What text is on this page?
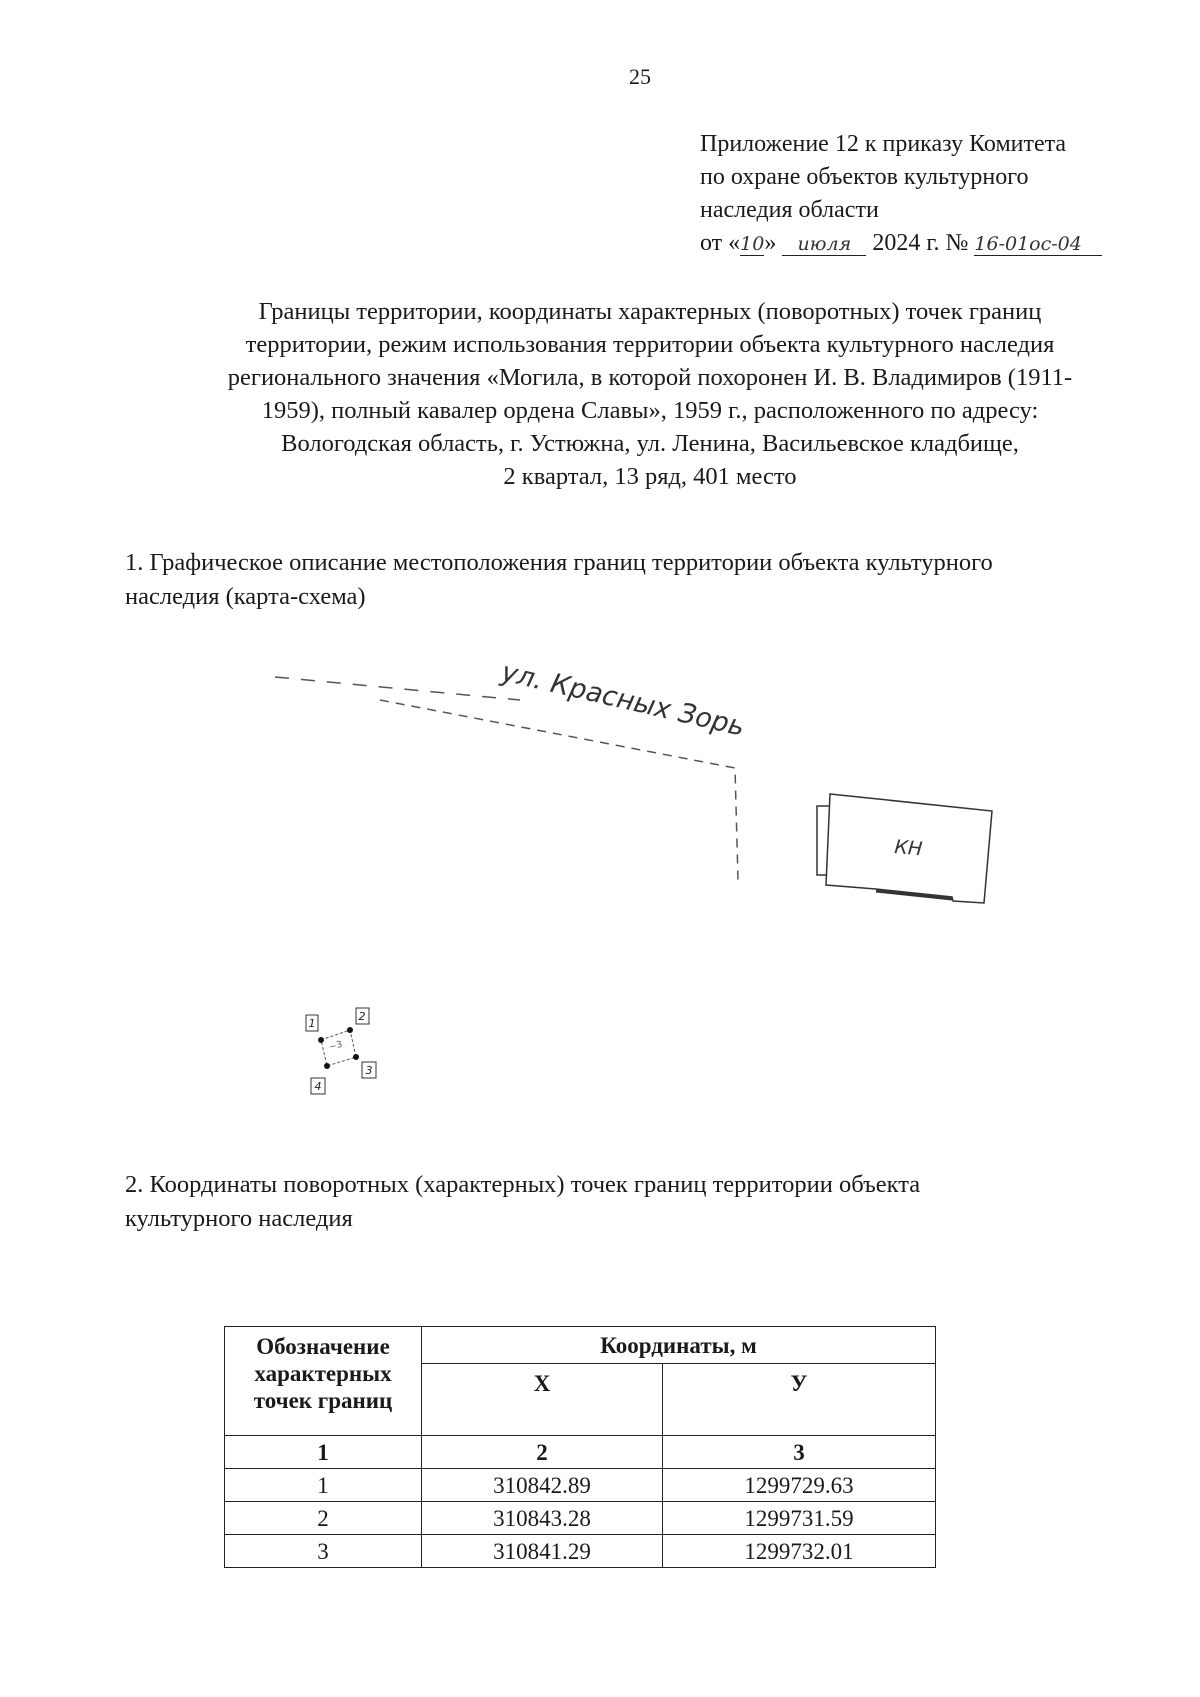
25
Приложение 12 к приказу Комитета
по охране объектов культурного
наследия области
от «10» июля 2024 г. № 16-01ос-04
Границы территории, координаты характерных (поворотных) точек границ
территории, режим использования территории объекта культурного наследия
регионального значения «Могила, в которой похоронен И. В. Владимиров (1911-
1959), полный кавалер ордена Славы», 1959 г., расположенного по адресу:
Вологодская область, г. Устюжна, ул. Ленина, Васильевское кладбище,
2 квартал, 13 ряд, 401 место
1. Графическое описание местоположения границ территории объекта культурного
наследия (карта-схема)
ул. Красных Зорь
КН
~3
1
2
3
4
2. Координаты поворотных (характерных) точек границ территории объекта
культурного наследия
Обозначение
характерных
точек границ	Координаты, м	
	X	У
1	2	3
1	310842.89	1299729.63
2	310843.28	1299731.59
3	310841.29	1299732.01
